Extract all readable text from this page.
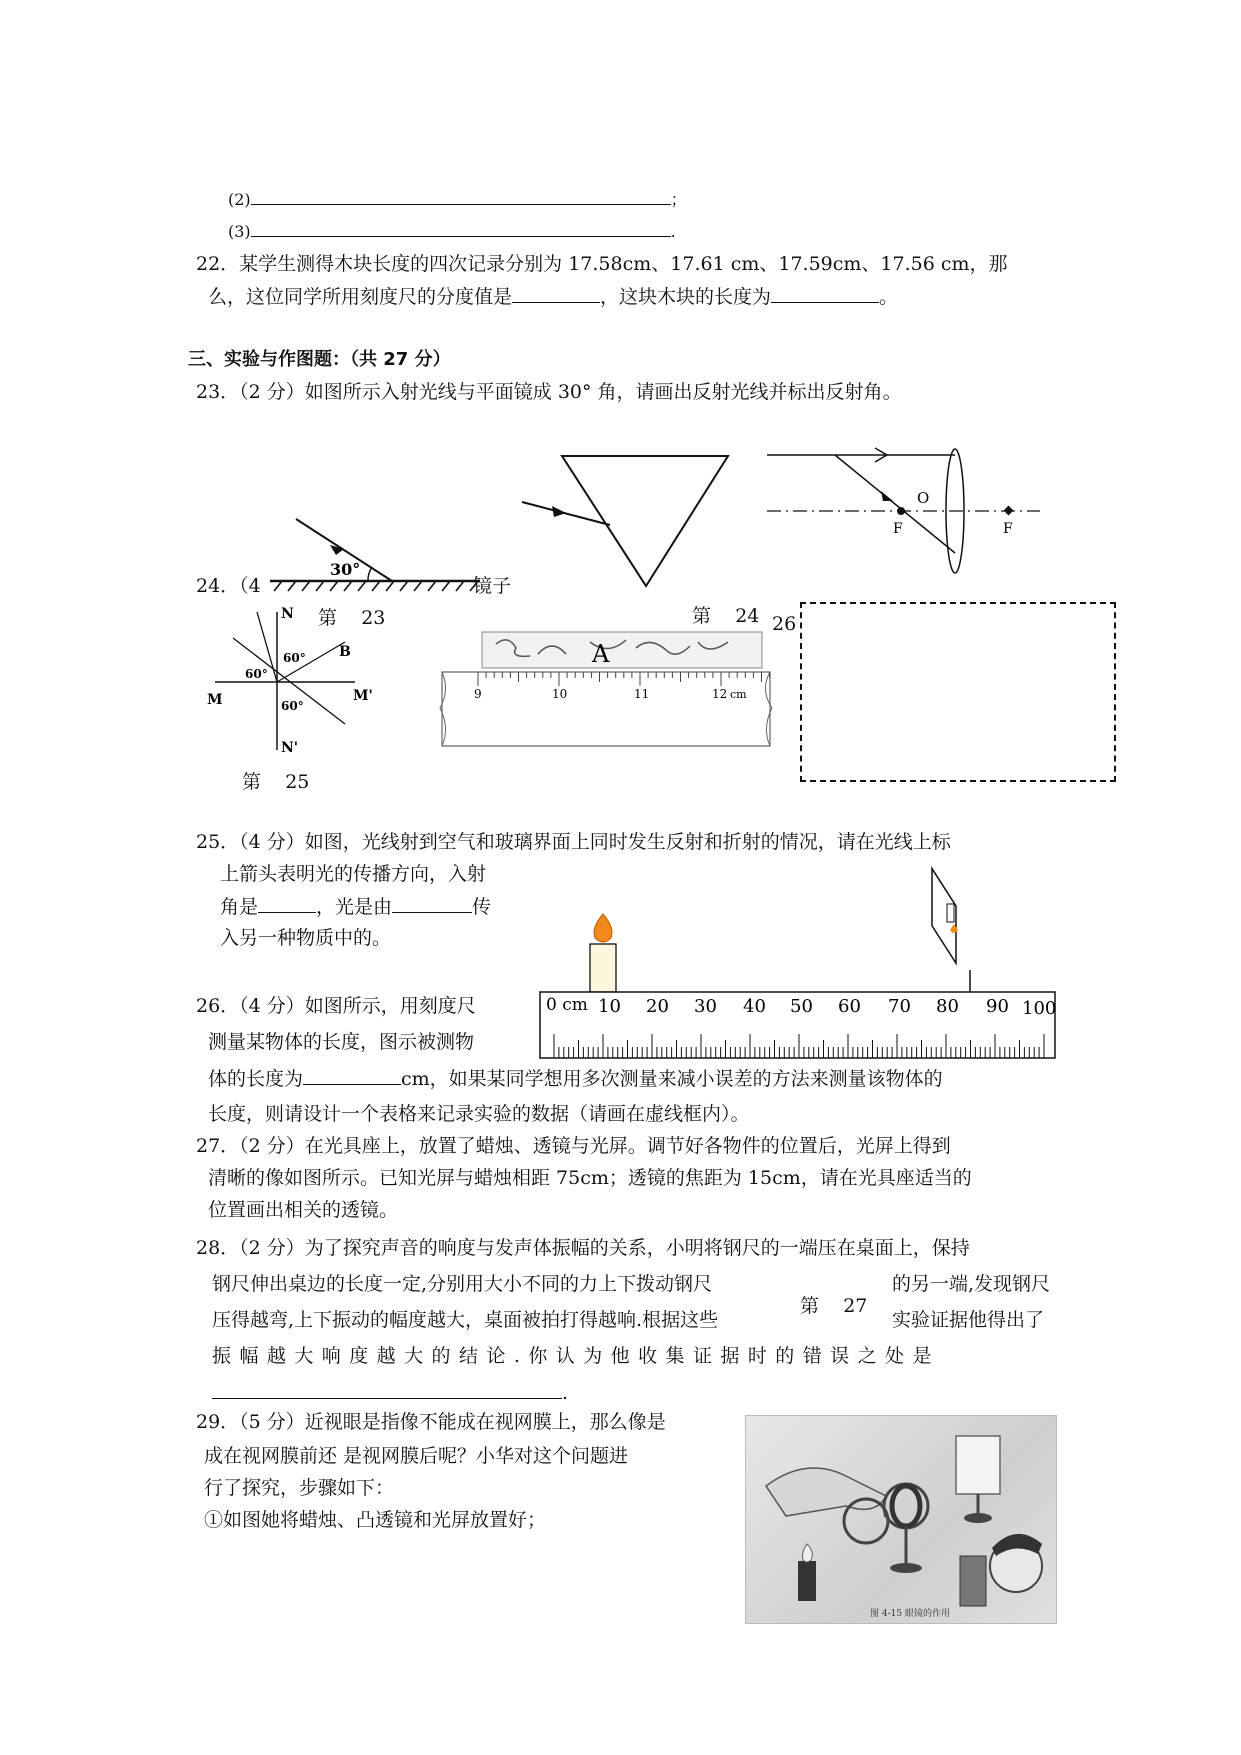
(2)	；
(3)	.
22．某学生测得木块长度的四次记录分别为 17.58cm、17.61 cm、17.59cm、17.56 cm，那
么，这位同学所用刻度尺的分度值是	，这块木块的长度为	。
三、实验与作图题：（共 27 分）
23．（2 分）如图所示入射光线与平面镜成 30° 角，请画出反射光线并标出反射角。
30°
镜子
24．（4
O
F	F
第 23	第 24 26
第 25
N
N'
M	M'
B
60°
60°
60°
A
9	10	11	12 cm
25．（4 分）如图，光线射到空气和玻璃界面上同时发生反射和折射的情况，请在光线上标
上箭头表明光的传播方向，入射
角是	，光是由	传
入另一种物质中的。
0 cm 10 20 30 40 50 60 70 80 90 100
26．（4 分）如图所示，用刻度尺
测量某物体的长度，图示被测物
体的长度为	cm，如果某同学想用多次测量来减小误差的方法来测量该物体的
长度，则请设计一个表格来记录实验的数据（请画在虚线框内）。
27．（2 分）在光具座上，放置了蜡烛、透镜与光屏。调节好各物件的位置后，光屏上得到
清晰的像如图所示。已知光屏与蜡烛相距 75cm；透镜的焦距为 15cm，请在光具座适当的
位置画出相关的透镜。
28．（2 分）为了探究声音的响度与发声体振幅的关系，小明将钢尺的一端压在桌面上，保持
钢尺伸出桌边的长度一定,分别用大小不同的力上下拨动钢尺	的另一端,发现钢尺
第 27
压得越弯,上下振动的幅度越大，桌面被拍打得越响.根据这些	实验证据他得出了
振 幅 越 大 响 度 越 大 的 结 论 . 你 认 为 他 收 集 证 据 时 的 错 误 之 处 是
.
29．（5 分）近视眼是指像不能成在视网膜上，那么像是
成在视网膜前还 是视网膜后呢？小华对这个问题进
行了探究，步骤如下：
①如图她将蜡烛、凸透镜和光屏放置好；
图 4-15 眼镜的作用
